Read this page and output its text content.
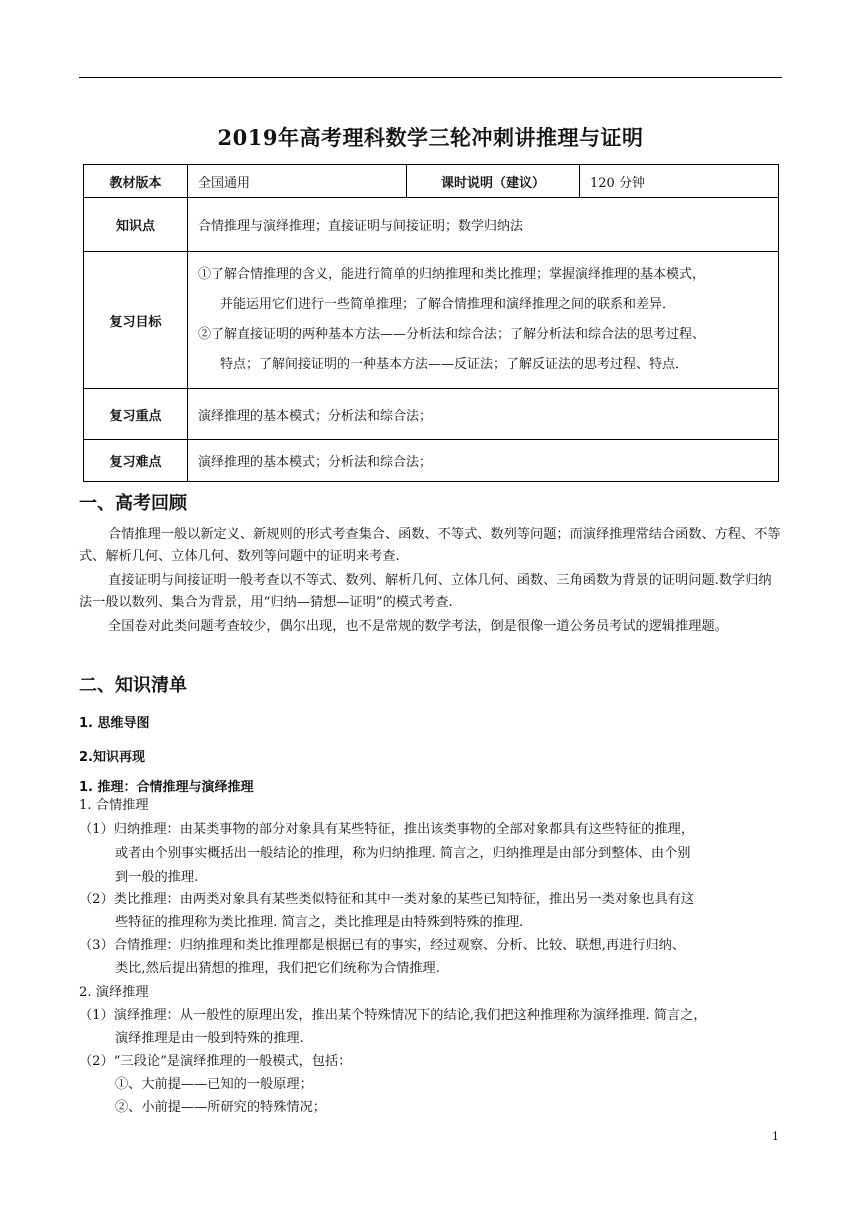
2019年高考理科数学三轮冲刺讲推理与证明
教材版本	全国通用	课时说明（建议）	120 分钟
知识点	合情推理与演绎推理；直接证明与间接证明；数学归纳法		
复习目标	①了解合情推理的含义，能进行简单的归纳推理和类比推理；掌握演绎推理的基本模式，
并能运用它们进行一些简单推理；了解合情推理和演绎推理之间的联系和差异．
②了解直接证明的两种基本方法——分析法和综合法；了解分析法和综合法的思考过程、
特点；了解间接证明的一种基本方法——反证法；了解反证法的思考过程、特点．		

复习重点	演绎推理的基本模式；分析法和综合法；		
复习难点	演绎推理的基本模式；分析法和综合法；		
一、高考回顾
合情推理一般以新定义、新规则的形式考查集合、函数、不等式、数列等问题；而演绎推理常结合函数、方程、不等式、解析几何、立体几何、数列等问题中的证明来考查.
直接证明与间接证明一般考查以不等式、数列、解析几何、立体几何、函数、三角函数为背景的证明问题.数学归纳法一般以数列、集合为背景，用“归纳—猜想—证明”的模式考查.
全国卷对此类问题考查较少，偶尔出现，也不是常规的数学考法，倒是很像一道公务员考试的逻辑推理题。
二、知识清单
1. 思维导图
2.知识再现
1. 推理：合情推理与演绎推理
1. 合情推理
（1）归纳推理：由某类事物的部分对象具有某些特征，推出该类事物的全部对象都具有这些特征的推理，
或者由个别事实概括出一般结论的推理，称为归纳推理. 简言之，归纳推理是由部分到整体、由个别
到一般的推理.
（2）类比推理：由两类对象具有某些类似特征和其中一类对象的某些已知特征，推出另一类对象也具有这
些特征的推理称为类比推理. 简言之，类比推理是由特殊到特殊的推理.
（3）合情推理：归纳推理和类比推理都是根据已有的事实，经过观察、分析、比较、联想,再进行归纳、
类比,然后提出猜想的推理，我们把它们统称为合情推理.
2. 演绎推理
（1）演绎推理：从一般性的原理出发，推出某个特殊情况下的结论,我们把这种推理称为演绎推理. 简言之，
演绎推理是由一般到特殊的推理.
（2）“三段论”是演绎推理的一般模式，包括：
①、大前提——已知的一般原理；
②、小前提——所研究的特殊情况；
1
